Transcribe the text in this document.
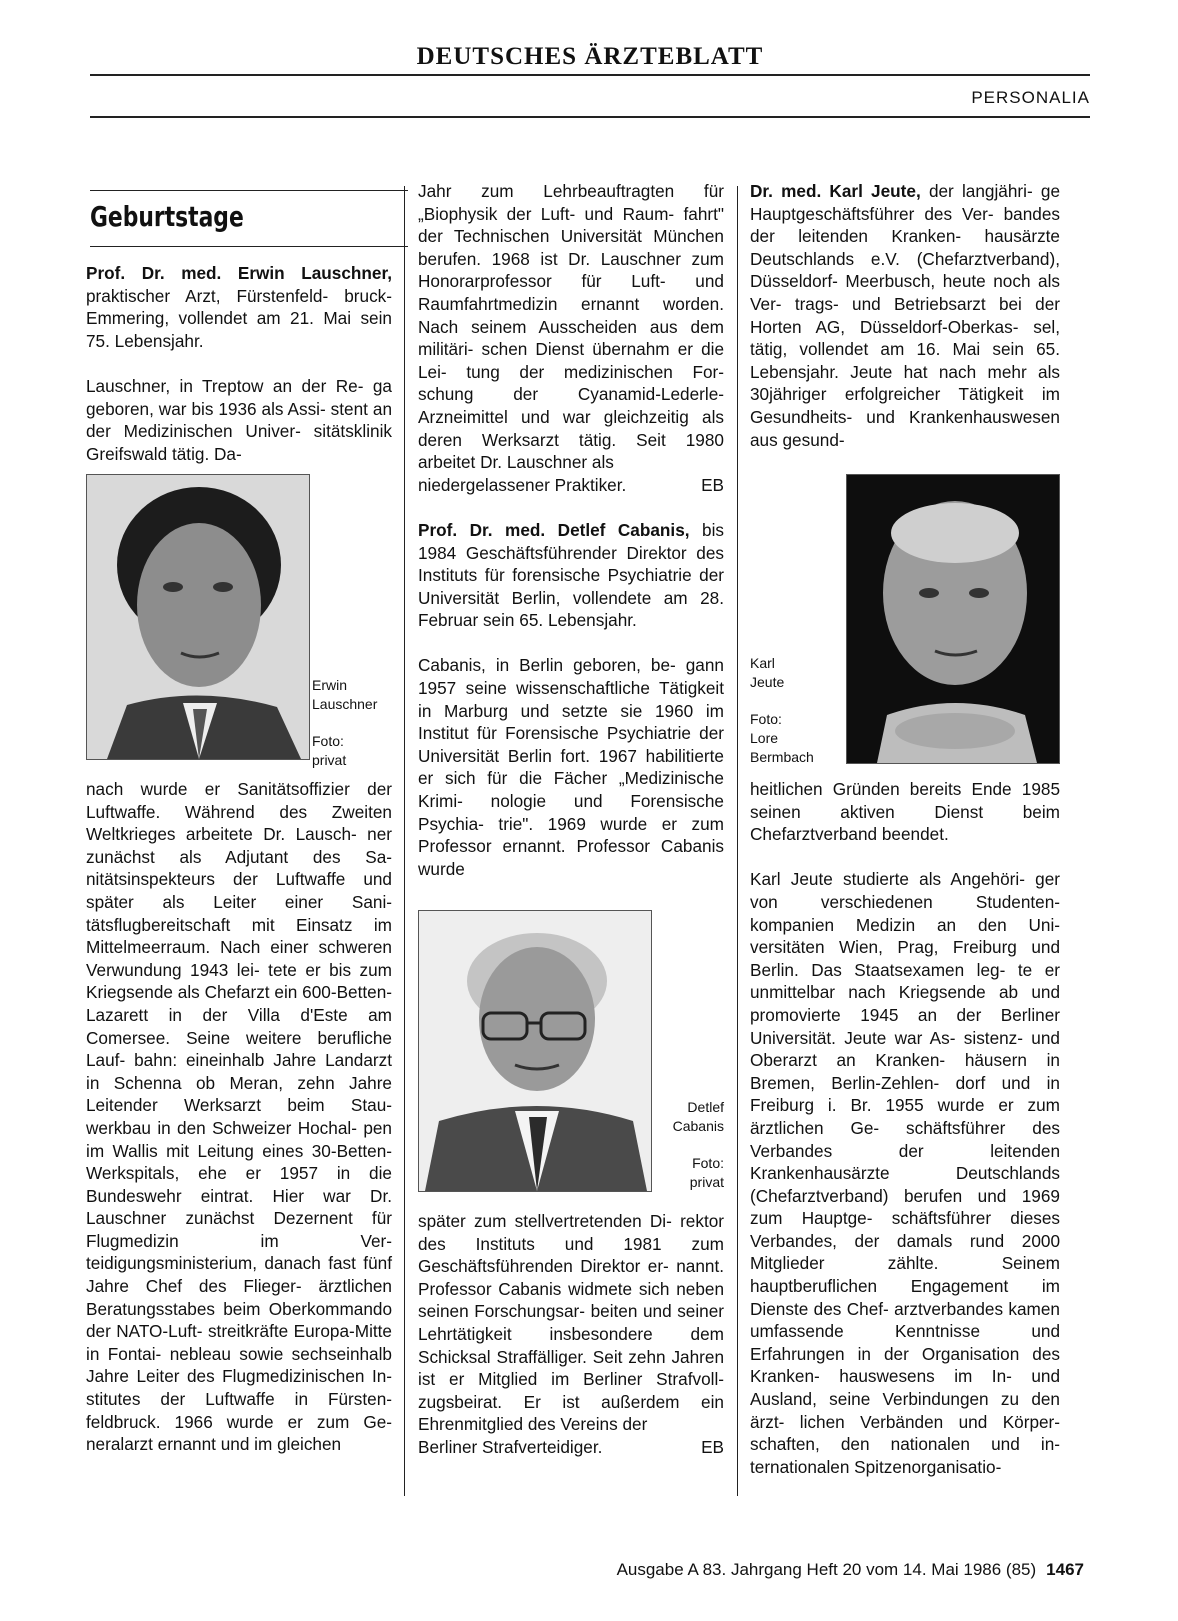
DEUTSCHES ÄRZTEBLATT
PERSONALIA
Geburtstage

Prof. Dr. med. Erwin Lauschner, praktischer Arzt, Fürstenfeld- bruck-Emmering, vollendet am 21. Mai sein 75. Lebensjahr.

Lauschner, in Treptow an der Re- ga geboren, war bis 1936 als Assi- stent an der Medizinischen Univer- sitätsklinik Greifswald tätig. Da-

Erwin
Lauschner
Foto:
privat

nach wurde er Sanitätsoffizier der Luftwaffe. Während des Zweiten Weltkrieges arbeitete Dr. Lausch- ner zunächst als Adjutant des Sa- nitätsinspekteurs der Luftwaffe und später als Leiter einer Sani- tätsflugbereitschaft mit Einsatz im Mittelmeerraum. Nach einer schweren Verwundung 1943 lei- tete er bis zum Kriegsende als Chefarzt ein 600-Betten-Lazarett in der Villa d'Este am Comersee. Seine weitere berufliche Lauf- bahn: eineinhalb Jahre Landarzt in Schenna ob Meran, zehn Jahre Leitender Werksarzt beim Stau- werkbau in den Schweizer Hochal- pen im Wallis mit Leitung eines 30-Betten-Werkspitals, ehe er 1957 in die Bundeswehr eintrat. Hier war Dr. Lauschner zunächst Dezernent für Flugmedizin im Ver- teidigungsministerium, danach fast fünf Jahre Chef des Flieger- ärztlichen Beratungsstabes beim Oberkommando der NATO-Luft- streitkräfte Europa-Mitte in Fontai- nebleau sowie sechseinhalb Jahre Leiter des Flugmedizinischen In- stitutes der Luftwaffe in Fürsten- feldbruck. 1966 wurde er zum Ge- neralarzt ernannt und im gleichen

Jahr zum Lehrbeauftragten für „Biophysik der Luft- und Raum- fahrt" der Technischen Universität München berufen. 1968 ist Dr. Lauschner zum Honorarprofessor für Luft- und Raumfahrtmedizin ernannt worden. Nach seinem Ausscheiden aus dem militäri- schen Dienst übernahm er die Lei- tung der medizinischen For- schung der Cyanamid-Lederle- Arzneimittel und war gleichzeitig als deren Werksarzt tätig. Seit 1980 arbeitet Dr. Lauschner als
niedergelassener Praktiker.	EB

Prof. Dr. med. Detlef Cabanis, bis 1984 Geschäftsführender Direktor des Instituts für forensische Psychiatrie der Universität Berlin, vollendete am 28. Februar sein 65. Lebensjahr.

Cabanis, in Berlin geboren, be- gann 1957 seine wissenschaftliche Tätigkeit in Marburg und setzte sie 1960 im Institut für Forensische Psychiatrie der Universität Berlin fort. 1967 habilitierte er sich für die Fächer „Medizinische Krimi- nologie und Forensische Psychia- trie". 1969 wurde er zum Professor ernannt. Professor Cabanis wurde

Detlef
Cabanis
Foto:
privat

später zum stellvertretenden Di- rektor des Instituts und 1981 zum Geschäftsführenden Direktor er- nannt. Professor Cabanis widmete sich neben seinen Forschungsar- beiten und seiner Lehrtätigkeit insbesondere dem Schicksal Straffälliger. Seit zehn Jahren ist er Mitglied im Berliner Strafvoll- zugsbeirat. Er ist außerdem ein Ehrenmitglied des Vereins der
Berliner Strafverteidiger.	EB

Dr. med. Karl Jeute, der langjähri- ge Hauptgeschäftsführer des Ver- bandes der leitenden Kranken- hausärzte Deutschlands e.V. (Chefarztverband), Düsseldorf- Meerbusch, heute noch als Ver- trags- und Betriebsarzt bei der Horten AG, Düsseldorf-Oberkas- sel, tätig, vollendet am 16. Mai sein 65. Lebensjahr. Jeute hat nach mehr als 30jähriger erfolgreicher Tätigkeit im Gesundheits- und Krankenhauswesen aus gesund-

Karl
Jeute
Foto:
Lore
Bermbach

heitlichen Gründen bereits Ende 1985 seinen aktiven Dienst beim Chefarztverband beendet.

Karl Jeute studierte als Angehöri- ger von verschiedenen Studenten- kompanien Medizin an den Uni- versitäten Wien, Prag, Freiburg und Berlin. Das Staatsexamen leg- te er unmittelbar nach Kriegsende ab und promovierte 1945 an der Berliner Universität. Jeute war As- sistenz- und Oberarzt an Kranken- häusern in Bremen, Berlin-Zehlen- dorf und in Freiburg i. Br. 1955 wurde er zum ärztlichen Ge- schäftsführer des Verbandes der	leitenden Krankenhausärzte	Deutschlands (Chefarztverband) berufen und 1969 zum Hauptge- schäftsführer dieses Verbandes, der damals rund 2000 Mitglieder	zählte. Seinem hauptberuflichen Engagement im Dienste des Chef- arztverbandes kamen umfassende	Kenntnisse und Erfahrungen in der Organisation des Kranken- hauswesens im In- und Ausland, seine Verbindungen zu den ärzt- lichen Verbänden und Körper- schaften, den nationalen und in- ternationalen Spitzenorganisatio-

Ausgabe A 83. Jahrgang Heft 20 vom 14. Mai 1986 (85) 1467
